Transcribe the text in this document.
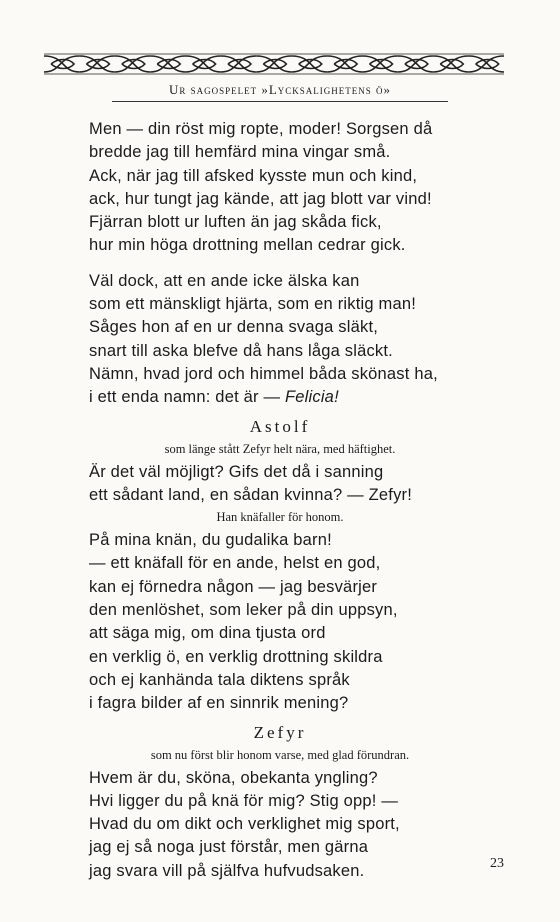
Ur sagospelet »Lycksalighetens ö»
Men — din röst mig ropte, moder! Sorgsen då
bredde jag till hemfärd mina vingar små.
Ack, när jag till afsked kysste mun och kind,
ack, hur tungt jag kände, att jag blott var vind!
Fjärran blott ur luften än jag skåda fick,
hur min höga drottning mellan cedrar gick.
Väl dock, att en ande icke älska kan
som ett mänskligt hjärta, som en riktig man!
Såges hon af en ur denna svaga släkt,
snart till aska blefve då hans låga släckt.
Nämn, hvad jord och himmel båda skönast ha,
i ett enda namn: det är — Felicia!
Astolf
som länge stått Zefyr helt nära, med häftighet.
Är det väl möjligt? Gifs det då i sanning
ett sådant land, en sådan kvinna? — Zefyr!
Han knäfaller för honom.
På mina knän, du gudalika barn!
— ett knäfall för en ande, helst en god,
kan ej förnedra någon — jag besvärjer
den menlöshet, som leker på din uppsyn,
att säga mig, om dina tjusta ord
en verklig ö, en verklig drottning skildra
och ej kanhända tala diktens språk
i fagra bilder af en sinnrik mening?
Zefyr
som nu först blir honom varse, med glad förundran.
Hvem är du, sköna, obekanta yngling?
Hvi ligger du på knä för mig? Stig opp! —
Hvad du om dikt och verklighet mig sport,
jag ej så noga just förstår, men gärna
jag svara vill på själfva hufvudsaken.	23
